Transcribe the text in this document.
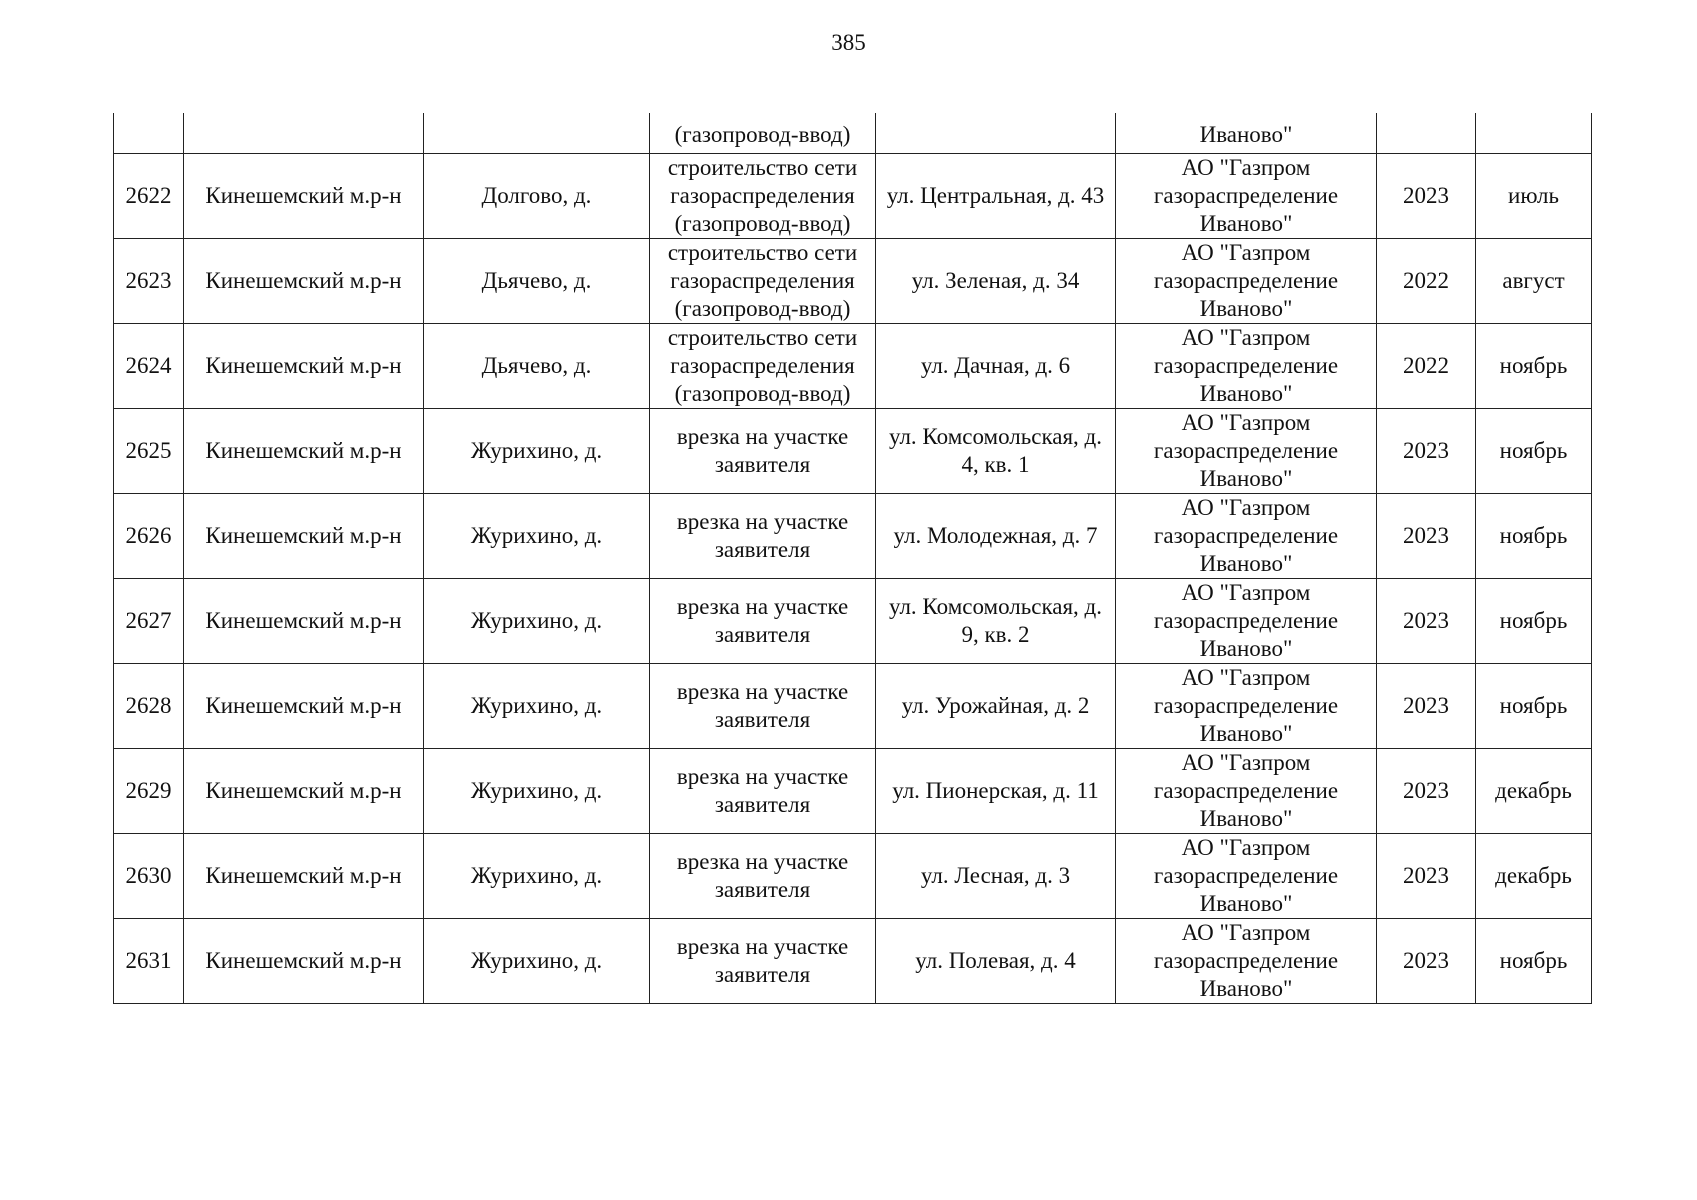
385
			(газопровод-ввод)		Иваново"		
2622	Кинешемский м.р-н	Долгово, д.	строительство сети газораспределения (газопровод-ввод)	ул. Центральная, д. 43	АО "Газпром газораспределение Иваново"	2023	июль
2623	Кинешемский м.р-н	Дьячево, д.	строительство сети газораспределения (газопровод-ввод)	ул. Зеленая, д. 34	АО "Газпром газораспределение Иваново"	2022	август
2624	Кинешемский м.р-н	Дьячево, д.	строительство сети газораспределения (газопровод-ввод)	ул. Дачная, д. 6	АО "Газпром газораспределение Иваново"	2022	ноябрь
2625	Кинешемский м.р-н	Журихино, д.	врезка на участке заявителя	ул. Комсомольская, д. 4, кв. 1	АО "Газпром газораспределение Иваново"	2023	ноябрь
2626	Кинешемский м.р-н	Журихино, д.	врезка на участке заявителя	ул. Молодежная, д. 7	АО "Газпром газораспределение Иваново"	2023	ноябрь
2627	Кинешемский м.р-н	Журихино, д.	врезка на участке заявителя	ул. Комсомольская, д. 9, кв. 2	АО "Газпром газораспределение Иваново"	2023	ноябрь
2628	Кинешемский м.р-н	Журихино, д.	врезка на участке заявителя	ул. Урожайная, д. 2	АО "Газпром газораспределение Иваново"	2023	ноябрь
2629	Кинешемский м.р-н	Журихино, д.	врезка на участке заявителя	ул. Пионерская, д. 11	АО "Газпром газораспределение Иваново"	2023	декабрь
2630	Кинешемский м.р-н	Журихино, д.	врезка на участке заявителя	ул. Лесная, д. 3	АО "Газпром газораспределение Иваново"	2023	декабрь
2631	Кинешемский м.р-н	Журихино, д.	врезка на участке заявителя	ул. Полевая, д. 4	АО "Газпром газораспределение Иваново"	2023	ноябрь
